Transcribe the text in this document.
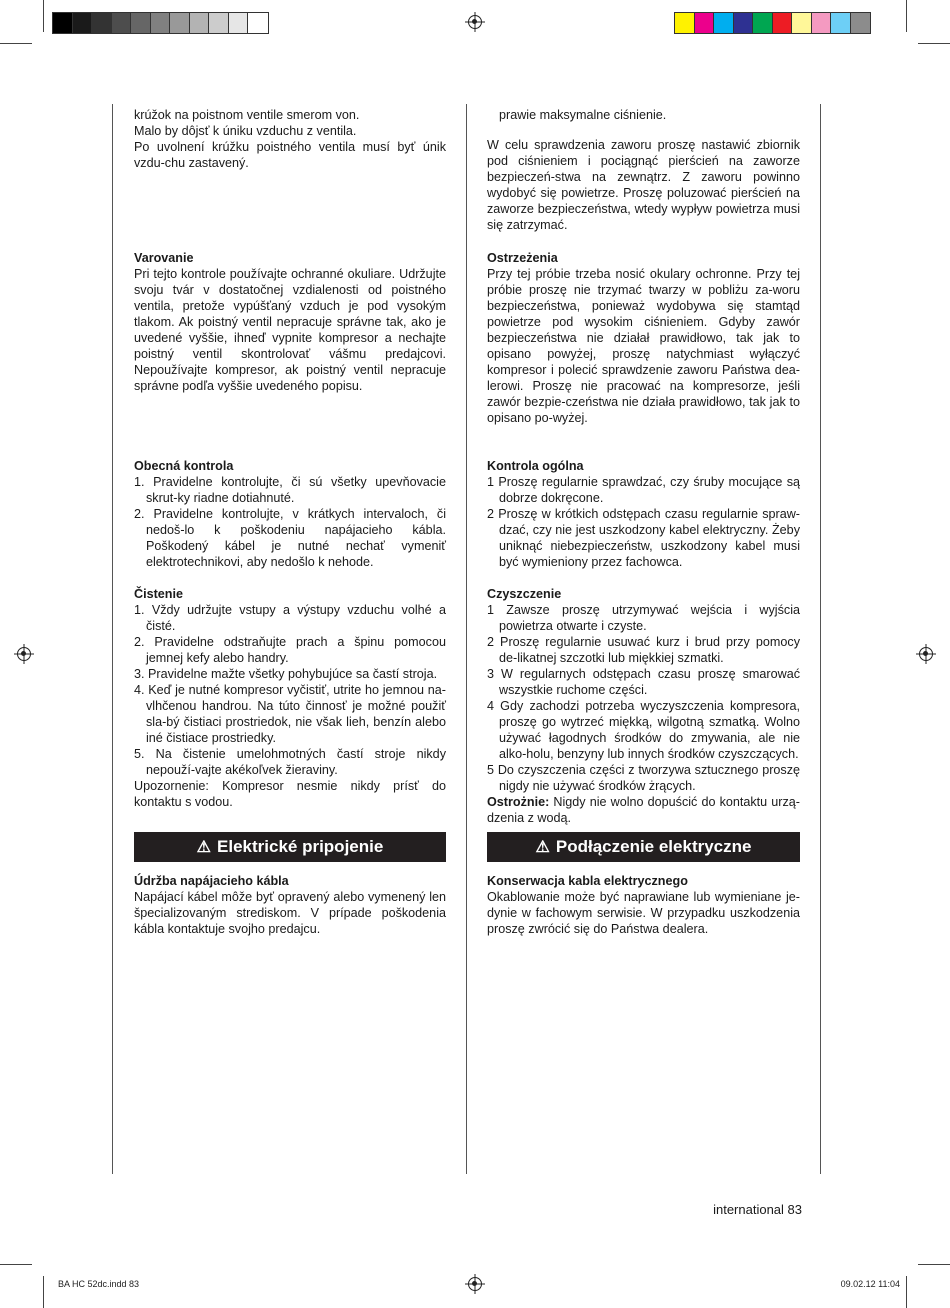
krúžok na poistnom ventile smerom von.

Malo by dôjsť k úniku vzduchu z ventila.

Po uvolnení krúžku poistného ventila musí byť únik vzdu-chu zastavený.

Varovanie

Pri tejto kontrole používajte ochranné okuliare. Udržujte svoju tvár v dostatočnej vzdialenosti od poistného ventila, pretože vypúšťaný vzduch je pod vysokým tlakom. Ak poistný ventil nepracuje správne tak, ako je uvedené vyššie, ihneď vypnite kompresor a nechajte poistný ventil skontrolovať vášmu predajcovi. Nepoužívajte kompresor, ak poistný ventil nepracuje správne podľa vyššie uvedeného popisu.

Obecná kontrola

1. Pravidelne kontrolujte, či sú všetky upevňovacie skrut-ky riadne dotiahnuté.

2. Pravidelne kontrolujte, v krátkych intervaloch, či nedoš-lo k poškodeniu napájacieho kábla. Poškodený kábel je nutné nechať vymeniť elektrotechnikovi, aby nedošlo k nehode.

Čistenie

1. Vždy udržujte vstupy a výstupy vzduchu volhé a čisté.

2. Pravidelne odstraňujte prach a špinu pomocou jemnej kefy alebo handry.

3. Pravidelne mažte všetky pohybujúce sa častí stroja.

4. Keď je nutné kompresor vyčistiť, utrite ho jemnou na-vlhčenou handrou. Na túto činnosť je možné použiť sla-bý čistiaci prostriedok, nie však lieh, benzín alebo iné čistiace prostriedky.

5. Na čistenie umelohmotných častí stroje nikdy nepouží-vajte akékoľvek žieraviny.

Upozornenie: Kompresor nesmie nikdy prísť do kontaktu s vodou.

⚠ Elektrické pripojenie

Údržba napájacieho kábla

Napájací kábel môže byť opravený alebo vymenený len špecializovaným strediskom. V prípade poškodenia kábla kontaktuje svojho predajcu.

prawie maksymalne ciśnienie.

W celu sprawdzenia zaworu proszę nastawić zbiornik pod ciśnieniem i pociągnąć pierścień na zaworze bezpieczeń-stwa na zewnątrz. Z zaworu powinno wydobyć się powietrze. Proszę poluzować pierścień na zaworze bezpieczeństwa, wtedy wypływ powietrza musi się zatrzymać.

Ostrzeżenia

Przy tej próbie trzeba nosić okulary ochronne. Przy tej próbie proszę nie trzymać twarzy w pobliżu za-woru bezpieczeństwa, ponieważ wydobywa się stamtąd powietrze pod wysokim ciśnieniem. Gdyby zawór bezpieczeństwa nie działał prawidłowo, tak jak to opisano powyżej, proszę natychmiast wyłączyć kompresor i polecić sprawdzenie zaworu Państwa dea-lerowi. Proszę nie pracować na kompresorze, jeśli zawór bezpie-czeństwa nie działa prawidłowo, tak jak to opisano po-wyżej.

Kontrola ogólna

1 Proszę regularnie sprawdzać, czy śruby mocujące są dobrze dokręcone.

2 Proszę w krótkich odstępach czasu regularnie spraw-dzać, czy nie jest uszkodzony kabel elektryczny. Żeby uniknąć niebezpieczeństw, uszkodzony kabel musi być wymieniony przez fachowca.

Czyszczenie

1 Zawsze proszę utrzymywać wejścia i wyjścia powietrza otwarte i czyste.

2 Proszę regularnie usuwać kurz i brud przy pomocy de-likatnej szczotki lub miękkiej szmatki.

3 W regularnych odstępach czasu proszę smarować wszystkie ruchome części.

4 Gdy zachodzi potrzeba wyczyszczenia kompresora, proszę go wytrzeć miękką, wilgotną szmatką. Wolno używać łagodnych środków do zmywania, ale nie alko-holu, benzyny lub innych środków czyszczących.

5 Do czyszczenia części z tworzywa sztucznego proszę nigdy nie używać środków żrących.

Ostrożnie: Nigdy nie wolno dopuścić do kontaktu urzą-dzenia z wodą.

⚠ Podłączenie elektryczne

Konserwacja kabla elektrycznego

Okablowanie może być naprawiane lub wymieniane je-dynie w fachowym serwisie. W przypadku uszkodzenia proszę zwrócić się do Państwa dealera.

international 83
BA HC 52dc.indd 83	09.02.12 11:04
